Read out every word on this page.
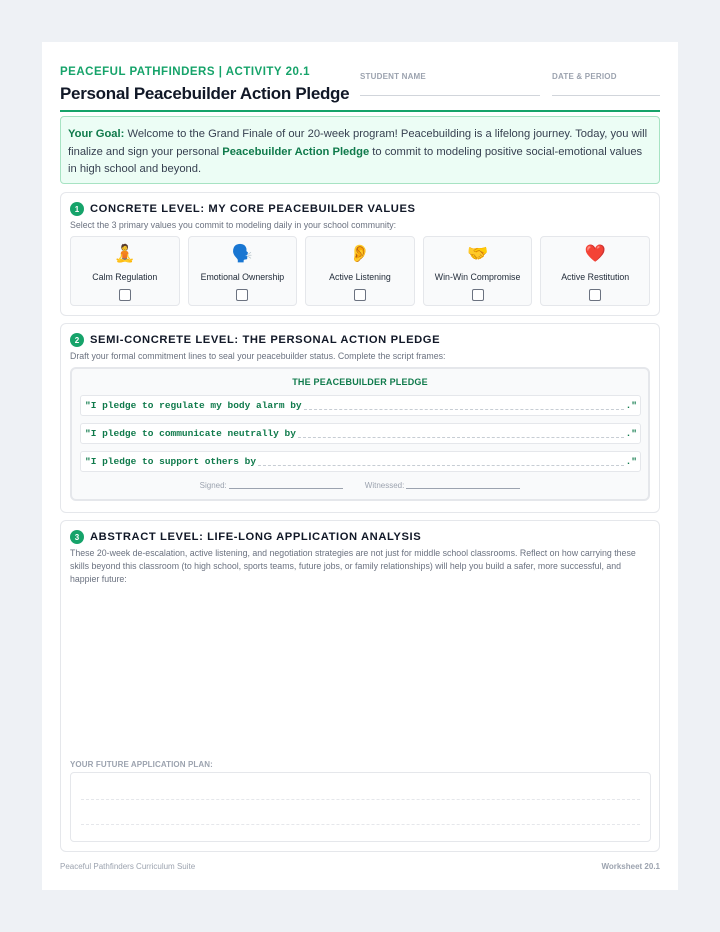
PEACEFUL PATHFINDERS | ACTIVITY 20.1
Personal Peacebuilder Action Pledge
STUDENT NAME	DATE & PERIOD
Your Goal: Welcome to the Grand Finale of our 20-week program! Peacebuilding is a lifelong journey. Today, you will finalize and sign your personal Peacebuilder Action Pledge to commit to modeling positive social-emotional values in high school and beyond.
1 CONCRETE LEVEL: MY CORE PEACEBUILDER VALUES
Select the 3 primary values you commit to modeling daily in your school community:
🧘
Calm Regulation
🗣️
Emotional Ownership
👂
Active Listening
🤝
Win-Win Compromise
❤️
Active Restitution
2 SEMI-CONCRETE LEVEL: THE PERSONAL ACTION PLEDGE
Draft your formal commitment lines to seal your peacebuilder status. Complete the script frames:
THE PEACEBUILDER PLEDGE
"I pledge to regulate my body alarm by	."
"I pledge to communicate neutrally by	."
"I pledge to support others by	."
Signed:	Witnessed:
3 ABSTRACT LEVEL: LIFE-LONG APPLICATION ANALYSIS
These 20-week de-escalation, active listening, and negotiation strategies are not just for middle school classrooms. Reflect on how carrying these skills beyond this classroom (to high school, sports teams, future jobs, or family relationships) will help you build a safer, more successful, and happier future:
YOUR FUTURE APPLICATION PLAN:
Peaceful Pathfinders Curriculum Suite	Worksheet 20.1
